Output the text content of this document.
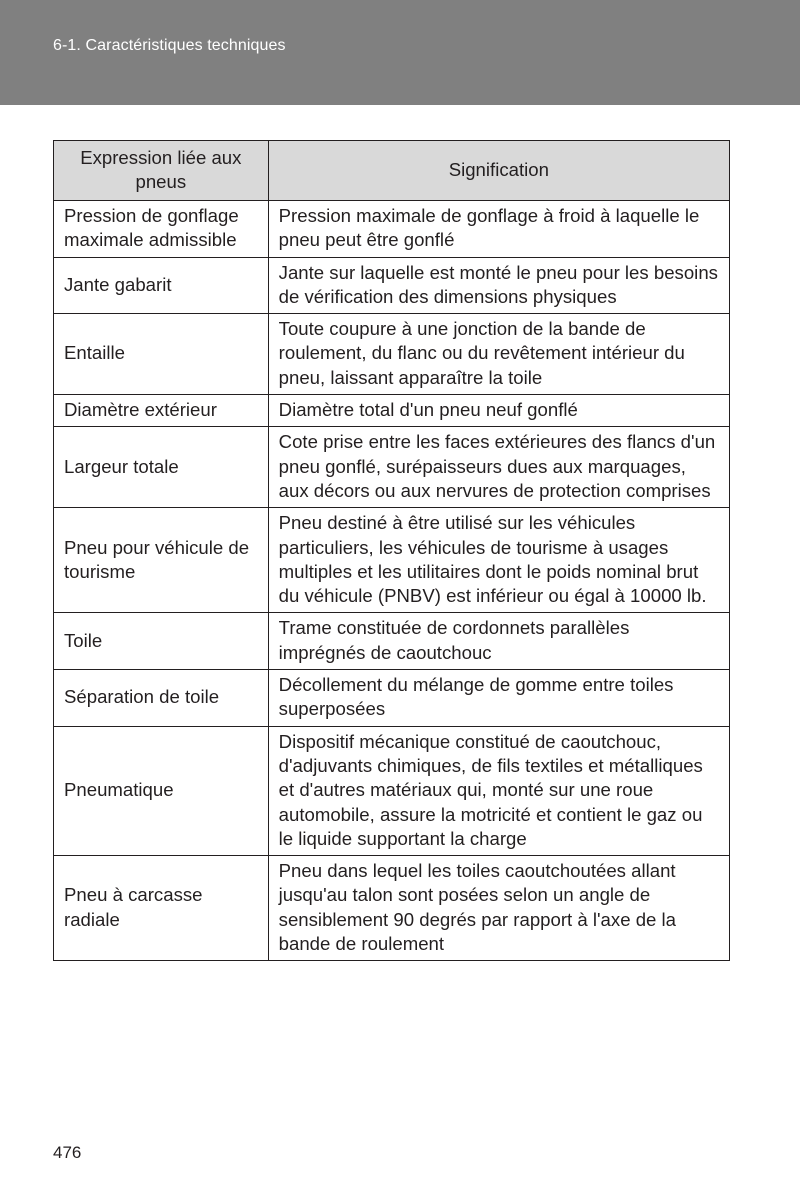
6-1. Caractéristiques techniques
Expression liée aux pneus	Signification
Pression de gonflage maximale admissible	Pression maximale de gonflage à froid à laquelle le pneu peut être gonflé
Jante gabarit	Jante sur laquelle est monté le pneu pour les besoins de vérification des dimensions physiques
Entaille	Toute coupure à une jonction de la bande de roulement, du flanc ou du revêtement intérieur du pneu, laissant apparaître la toile
Diamètre extérieur	Diamètre total d'un pneu neuf gonflé
Largeur totale	Cote prise entre les faces extérieures des flancs d'un pneu gonflé, surépaisseurs dues aux marquages, aux décors ou aux nervures de protection comprises
Pneu pour véhicule de tourisme	Pneu destiné à être utilisé sur les véhicules particuliers, les véhicules de tourisme à usages multiples et les utilitaires dont le poids nominal brut du véhicule (PNBV) est inférieur ou égal à 10000 lb.
Toile	Trame constituée de cordonnets parallèles imprégnés de caoutchouc
Séparation de toile	Décollement du mélange de gomme entre toiles superposées
Pneumatique	Dispositif mécanique constitué de caoutchouc, d'adjuvants chimiques, de fils textiles et métalliques et d'autres matériaux qui, monté sur une roue automobile, assure la motricité et contient le gaz ou le liquide supportant la charge
Pneu à carcasse radiale	Pneu dans lequel les toiles caoutchoutées allant jusqu'au talon sont posées selon un angle de sensiblement 90 degrés par rapport à l'axe de la bande de roulement
476
